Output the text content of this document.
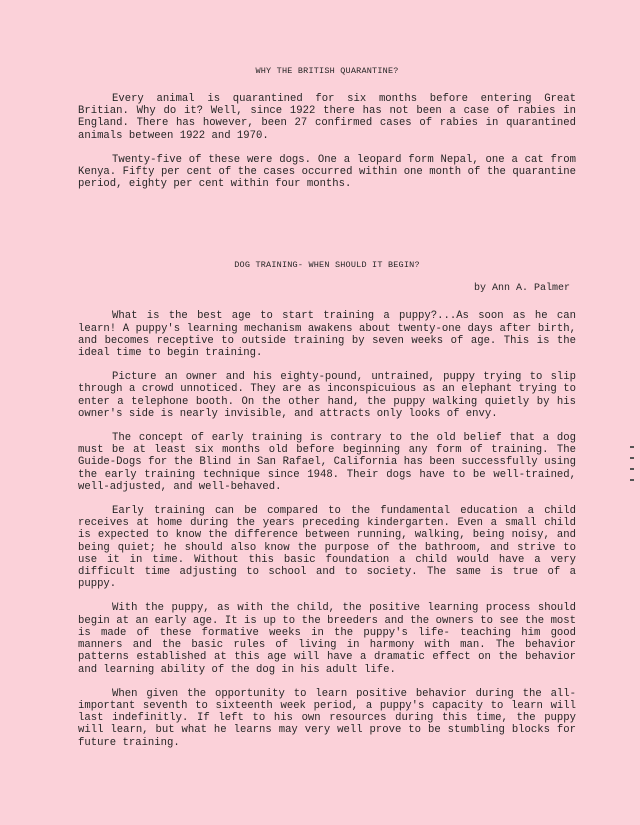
WHY THE BRITISH QUARANTINE?

Every animal is quarantined for six months before entering Great Britian. Why do it? Well, since 1922 there has not been a case of rabies in England. There has however, been 27 confirmed cases of rabies in quarantined animals between 1922 and 1970.

Twenty-five of these were dogs. One a leopard form Nepal, one a cat from Kenya. Fifty per cent of the cases occurred within one month of the quarantine period, eighty per cent within four months.

DOG TRAINING- WHEN SHOULD IT BEGIN?
by Ann A. Palmer

What is the best age to start training a puppy?...As soon as he can learn! A puppy's learning mechanism awakens about twenty-one days after birth, and becomes receptive to outside training by seven weeks of age. This is the ideal time to begin training.

Picture an owner and his eighty-pound, untrained, puppy trying to slip through a crowd unnoticed. They are as inconspicuious as an elephant trying to enter a telephone booth. On the other hand, the puppy walking quietly by his owner's side is nearly invisible, and attracts only looks of envy.

The concept of early training is contrary to the old belief that a dog must be at least six months old before beginning any form of training. The Guide-Dogs for the Blind in San Rafael, California has been successfully using the early training technique since 1948. Their dogs have to be well-trained, well-adjusted, and well-behaved.

Early training can be compared to the fundamental education a child receives at home during the years preceding kindergarten. Even a small child is expected to know the difference between running, walking, being noisy, and being quiet; he should also know the purpose of the bathroom, and strive to use it in time. Without this basic foundation a child would have a very difficult time adjusting to school and to society. The same is true of a puppy.

With the puppy, as with the child, the positive learning process should begin at an early age. It is up to the breeders and the owners to see the most is made of these formative weeks in the puppy's life- teaching him good manners and the basic rules of living in harmony with man. The behavior patterns established at this age will have a dramatic effect on the behavior and learning ability of the dog in his adult life.

When given the opportunity to learn positive behavior during the all-important seventh to sixteenth week period, a puppy's capacity to learn will last indefinitly. If left to his own resources during this time, the puppy will learn, but what he learns may very well prove to be stumbling blocks for future training.
